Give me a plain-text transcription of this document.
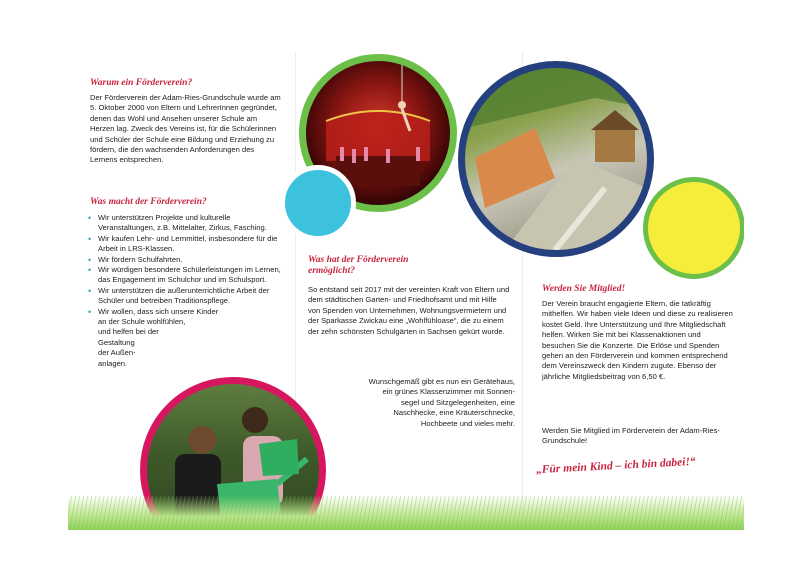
Warum ein Förderverein?

Der Förderverein der Adam-Ries-Grundschule wurde am 5. Oktober 2000 von Eltern und LehrerInnen gegründet, denen das Wohl und Ansehen unserer Schule am Herzen lag. Zweck des Vereins ist, für die Schülerinnen und Schüler der Schule eine Bildung und Erziehung zu fördern, die den wachsenden Anforderungen des Lernens entsprechen.

Was macht der Förderverein?
• Wir unterstützen Projekte und kulturelle Veranstaltungen, z.B. Mittelalter, Zirkus, Fasching.
• Wir kaufen Lehr- und Lernmittel, insbesondere für die Arbeit in LRS-Klassen.
• Wir fördern Schulfahrten.
• Wir würdigen besondere Schülerleistungen im Lernen, das Engagement im Schulchor und im Schulsport.
• Wir unterstützen die außerunterrichtliche Arbeit der Schüler und betreiben Traditionspflege.
• Wir wollen, dass sich unsere Kinder
an der Schule wohlfühlen,
und helfen bei der
Gestaltung
der Außen-
anlagen.
Was hat der Förderverein
ermöglicht?

So entstand seit 2017 mit der vereinten Kraft von Eltern und dem städtischen Garten- und Friedhofsamt und mit Hilfe von Spenden von Unternehmen, Wohnungsvermietern und der Sparkasse Zwickau eine „Wohlfühloase“, die zu einem der zehn schönsten Schulgärten in Sachsen gekürt wurde.

Wunschgemäß gibt es nun ein Gerätehaus,
ein grünes Klassenzimmer mit Sonnen-
segel und Sitzgelegenheiten, eine
Naschhecke, eine Kräuterschnecke,
Hochbeete und vieles mehr.

Werden Sie Mitglied!

Der Verein braucht engagierte Eltern, die tatkräftig mithelfen. Wir haben viele Ideen und diese zu realisieren kostet Geld. Ihre Unterstützung und Ihre Mitgliedschaft helfen. Wirken Sie mit bei Klassenaktionen und besuchen Sie die Konzerte. Die Erlöse und Spenden gehen an den Förderverein und kommen entsprechend dem Vereinszweck den Kindern zugute. Ebenso der jährliche Mitgliedsbeitrag von 6,50 €.

Werden Sie Mitglied im Förderverein der Adam-Ries-Grundschule!

„Für mein Kind – ich bin dabei!“
